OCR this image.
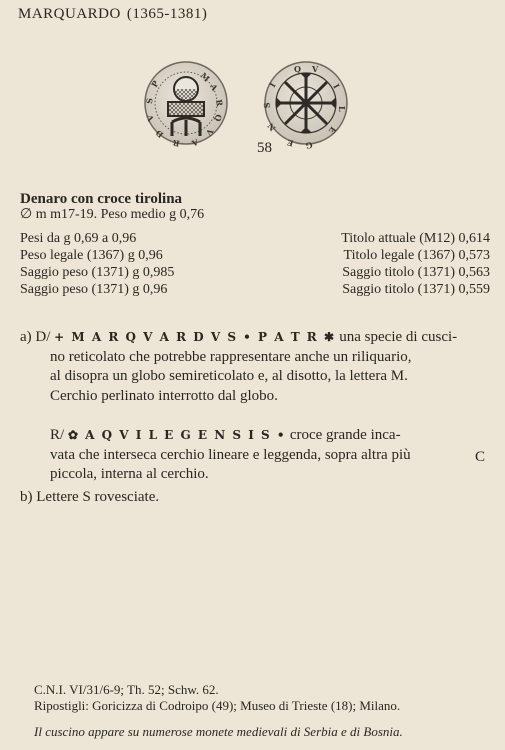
MARQUARDO (1365-1381)
M
A
R
Q
V
A
R
D
V
S
P
Q V
I
L
E
G
E
N
S
I
58
Denaro con croce tirolina
∅ m m17-19. Peso medio g 0,76
Pesi da g 0,69 a 0,96	Titolo attuale (M12) 0,614
Peso legale (1367) g 0,96	Titolo legale (1367) 0,573
Saggio peso (1371) g 0,985	Saggio titolo (1371) 0,563
Saggio peso (1371) g 0,96	Saggio titolo (1371) 0,559

a) D/ + M A R Q V A R D V S • P A T R ✱ una specie di cusci-
no reticolato che potrebbe rappresentare anche un riliquario,
al disopra un globo semireticolato e, al disotto, la lettera M.
Cerchio perlinato interrotto dal globo.

R/ ✿ A Q V I L E G E N S I S • croce grande inca-
vata che interseca cerchio lineare e leggenda, sopra altra più
piccola, interna al cerchio.

C
b) Lettere S rovesciate.
C.N.I. VI/31/6-9; Th. 52; Schw. 62.
Ripostigli: Goricizza di Codroipo (49); Museo di Trieste (18); Milano.
Il cuscino appare su numerose monete medievali di Serbia e di Bosnia.
